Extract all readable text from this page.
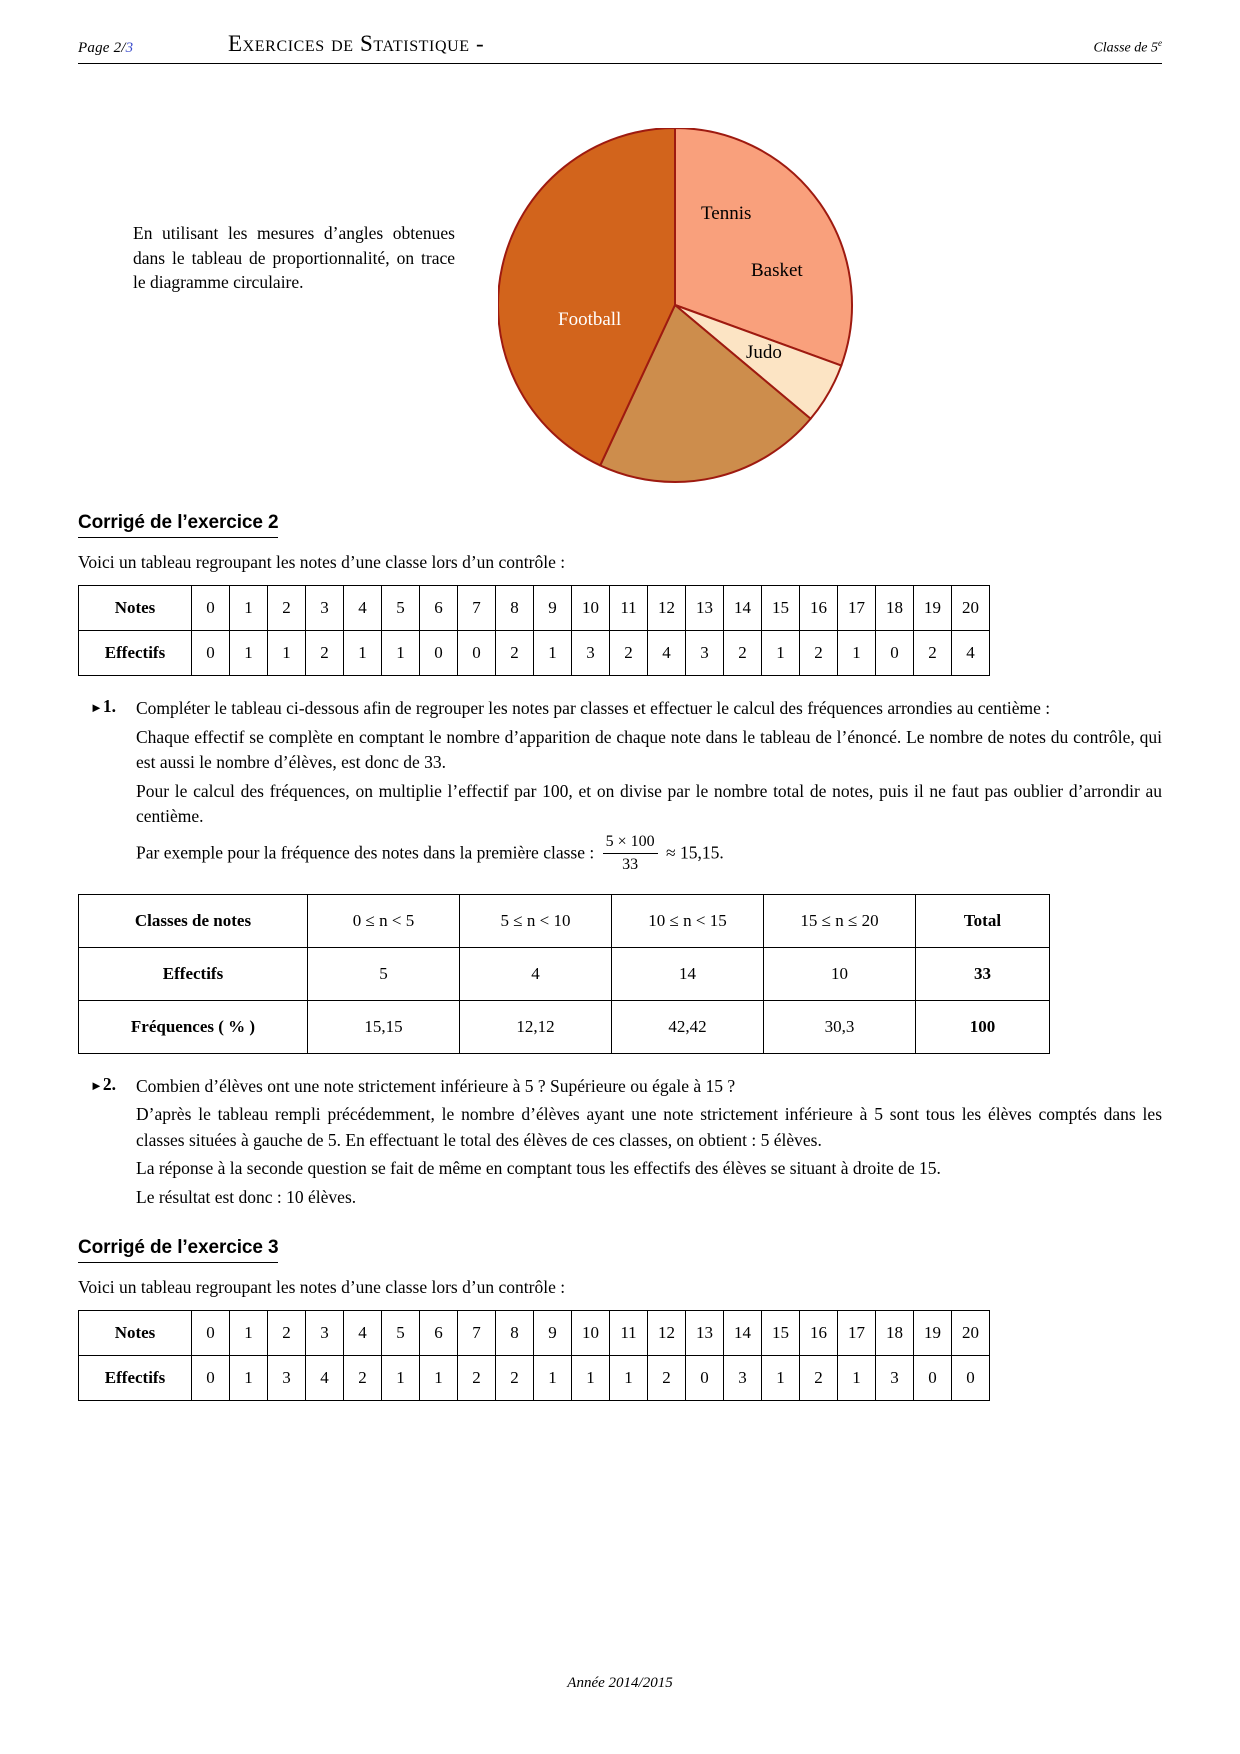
Page 2/3	Exercices de Statistique -	Classe de 5e
En utilisant les mesures d’angles obtenues dans le tableau de proportionnalité, on trace le diagramme circulaire.
Tennis
Basket
Judo
Football
Corrigé de l’exercice 2

Voici un tableau regroupant les notes d’une classe lors d’un contrôle :

Notes	0	1	2	3	4	5	6	7	8	9	10	11	12	13	14	15	16	17	18	19	20
Effectifs	0	1	1	2	1	1	0	0	2	1	3	2	4	3	2	1	2	1	0	2	4
►1. Compléter le tableau ci-dessous afin de regrouper les notes par classes et effectuer le calcul des fréquences arrondies au centième :

Chaque effectif se complète en comptant le nombre d’apparition de chaque note dans le tableau de l’énoncé. Le nombre de notes du contrôle, qui est aussi le nombre d’élèves, est donc de 33.

Pour le calcul des fréquences, on multiplie l’effectif par 100, et on divise par le nombre total de notes, puis il ne faut pas oublier d’arrondir au centième.

Par exemple pour la fréquence des notes dans la première classe : $\frac{5 \times 100}{33} \approx 15,15$.

Classes de notes	0 ≤ n < 5	5 ≤ n < 10	10 ≤ n < 15	15 ≤ n ≤ 20	Total
Effectifs	5	4	14	10	33
Fréquences ( % )	15,15	12,12	42,42	30,3	100
►2. Combien d’élèves ont une note strictement inférieure à 5 ? Supérieure ou égale à 15 ?

D’après le tableau rempli précédemment, le nombre d’élèves ayant une note strictement inférieure à 5 sont tous les élèves comptés dans les classes situées à gauche de 5. En effectuant le total des élèves de ces classes, on obtient : 5 élèves.

La réponse à la seconde question se fait de même en comptant tous les effectifs des élèves se situant à droite de 15.

Le résultat est donc : 10 élèves.

Corrigé de l’exercice 3

Voici un tableau regroupant les notes d’une classe lors d’un contrôle :

Notes	0	1	2	3	4	5	6	7	8	9	10	11	12	13	14	15	16	17	18	19	20
Effectifs	0	1	3	4	2	1	1	2	2	1	1	1	2	0	3	1	2	1	3	0	0
Année 2014/2015
